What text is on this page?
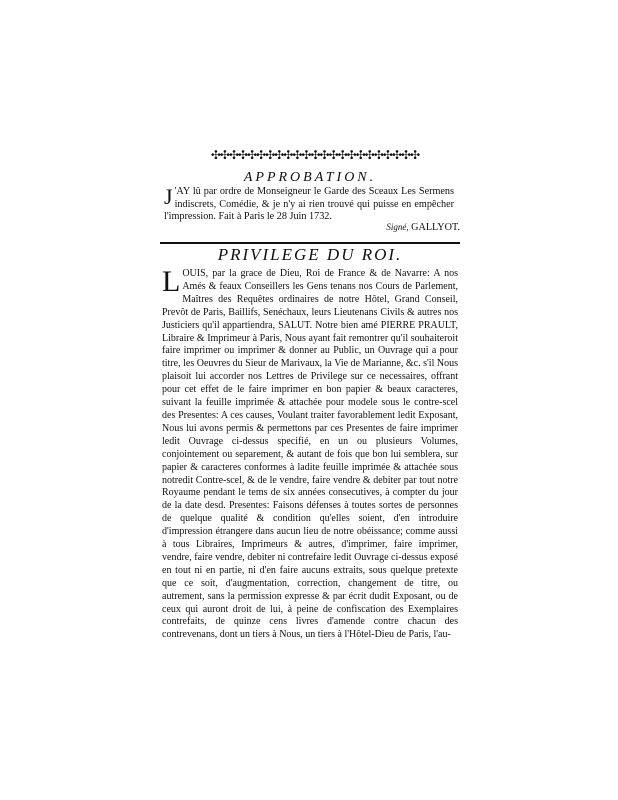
✣✣✣✣✣✣✣✣✣✣✣✣✣✣✣✣✣✣✣✣✣✣✣
APPROBATION.
J 'AY lû par ordre de Monseigneur le Garde des Sceaux Les Sermens indiscrets, Comédie, & je n'y ai rien trouvé qui puisse en empêcher l'impression. Fait à Paris le 28 Juin 1732.
Signé, GALLYOT.
PRIVILEGE DU ROI.
LOUIS, par la grace de Dieu, Roi de France & de Navarre: A nos Amés & feaux Conseillers les Gens tenans nos Cours de Parlement, Maîtres des Requêtes ordinaires de notre Hôtel, Grand Conseil, Prevôt de Paris, Baillifs, Senéchaux, leurs Lieutenans Civils & autres nos Justiciers qu'il appartiendra, SALUT. Notre bien amé PIERRE PRAULT, Libraire & Imprimeur à Paris, Nous ayant fait remontrer qu'il souhaiteroit faire imprimer ou imprimer & donner au Public, un Ouvrage qui a pour titre, les Oeuvres du Sieur de Marivaux, la Vie de Marianne, &c. s'il Nous plaisoit lui accorder nos Lettres de Privilege sur ce necessaires, offrant pour cet effet de le faire imprimer en bon papier & beaux caracteres, suivant la feuille imprimée & attachée pour modele sous le contre-scel des Presentes: A ces causes, Voulant traiter favorablement ledit Exposant, Nous lui avons permis & permettons par ces Presentes de faire imprimer ledit Ouvrage ci-dessus specifié, en un ou plusieurs Volumes, conjointement ou separement, & autant de fois que bon lui semblera, sur papier & caracteres conformes à ladite feuille imprimée & attachée sous notredit Contre-scel, & de le vendre, faire vendre & debiter par tout notre Royaume pendant le tems de six années consecutives, à compter du jour de la date desd. Presentes: Faisons défenses à toutes sortes de personnes de quelque qualité & condition qu'elles soient, d'en introduire d'impression étrangere dans aucun lieu de notre obéissance; comme aussi à tous Libraires, Imprimeurs & autres, d'imprimer, faire imprimer, vendre, faire vendre, debiter ni contrefaire ledit Ouvrage ci-dessus exposé en tout ni en partie, ni d'en faire aucuns extraits, sous quelque pretexte que ce soit, d'augmentation, correction, changement de titre, ou autrement, sans la permission expresse & par écrit dudit Exposant, ou de ceux qui auront droit de lui, à peine de confiscation des Exemplaires contrefaits, de quinze cens livres d'amende contre chacun des contrevenans, dont un tiers à Nous, un tiers à l'Hôtel-Dieu de Paris, l'au-
